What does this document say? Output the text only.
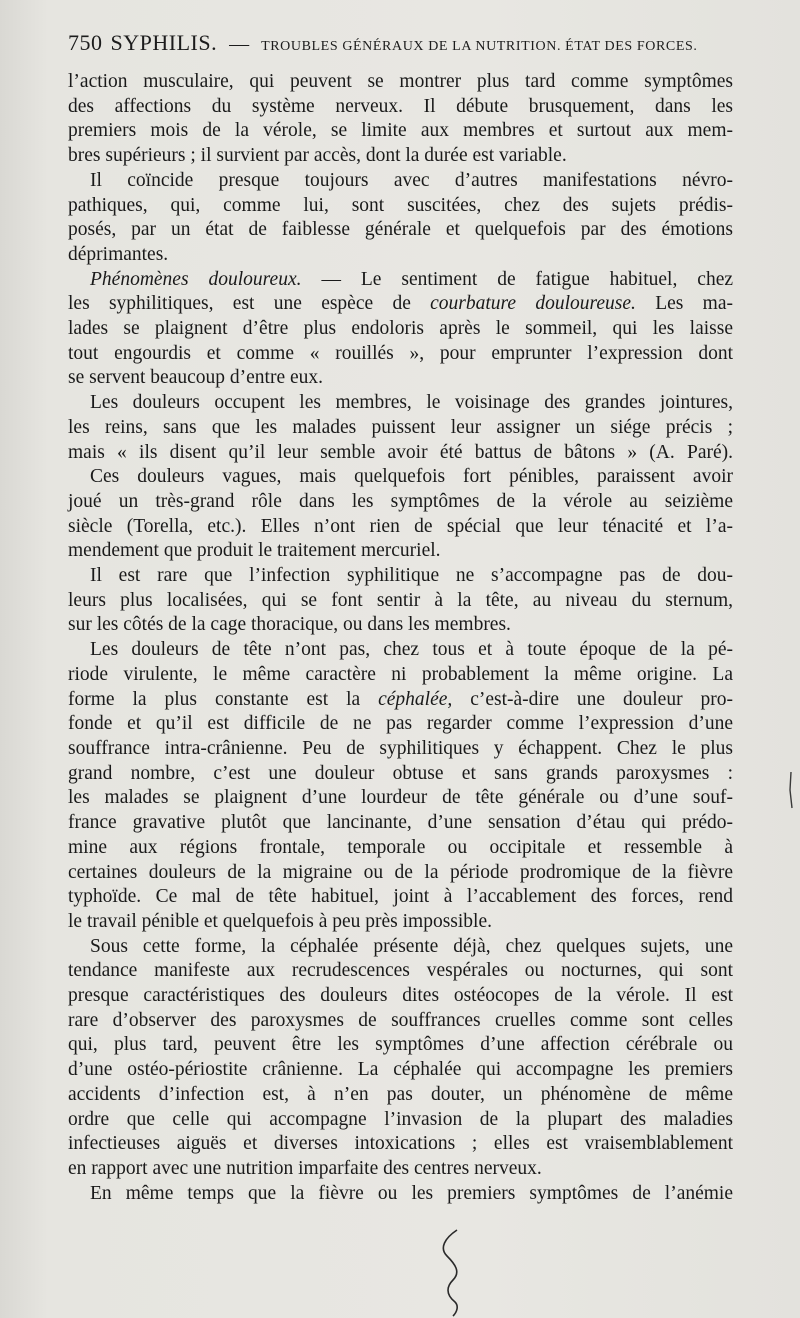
750 SYPHILIS. — TROUBLES GÉNÉRAUX DE LA NUTRITION. ÉTAT DES FORCES.

l’action musculaire, qui peuvent se montrer plus tard comme symptômes

des affections du système nerveux. Il débute brusquement, dans les

premiers mois de la vérole, se limite aux membres et surtout aux mem-

bres supérieurs ; il survient par accès, dont la durée est variable.

Il coïncide presque toujours avec d’autres manifestations névro-

pathiques, qui, comme lui, sont suscitées, chez des sujets prédis-

posés, par un état de faiblesse générale et quelquefois par des émotions

déprimantes.

Phénomènes douloureux. — Le sentiment de fatigue habituel, chez

les syphilitiques, est une espèce de courbature douloureuse. Les ma-

lades se plaignent d’être plus endoloris après le sommeil, qui les laisse

tout engourdis et comme « rouillés », pour emprunter l’expression dont

se servent beaucoup d’entre eux.

Les douleurs occupent les membres, le voisinage des grandes jointures,

les reins, sans que les malades puissent leur assigner un siége précis ;

mais « ils disent qu’il leur semble avoir été battus de bâtons » (A. Paré).

Ces douleurs vagues, mais quelquefois fort pénibles, paraissent avoir

joué un très-grand rôle dans les symptômes de la vérole au seizième

siècle (Torella, etc.). Elles n’ont rien de spécial que leur ténacité et l’a-

mendement que produit le traitement mercuriel.

Il est rare que l’infection syphilitique ne s’accompagne pas de dou-

leurs plus localisées, qui se font sentir à la tête, au niveau du sternum,

sur les côtés de la cage thoracique, ou dans les membres.

Les douleurs de tête n’ont pas, chez tous et à toute époque de la pé-

riode virulente, le même caractère ni probablement la même origine. La

forme la plus constante est la céphalée, c’est-à-dire une douleur pro-

fonde et qu’il est difficile de ne pas regarder comme l’expression d’une

souffrance intra-crânienne. Peu de syphilitiques y échappent. Chez le plus

grand nombre, c’est une douleur obtuse et sans grands paroxysmes :

les malades se plaignent d’une lourdeur de tête générale ou d’une souf-

france gravative plutôt que lancinante, d’une sensation d’étau qui prédo-

mine aux régions frontale, temporale ou occipitale et ressemble à

certaines douleurs de la migraine ou de la période prodromique de la fièvre

typhoïde. Ce mal de tête habituel, joint à l’accablement des forces, rend

le travail pénible et quelquefois à peu près impossible.

Sous cette forme, la céphalée présente déjà, chez quelques sujets, une

tendance manifeste aux recrudescences vespérales ou nocturnes, qui sont

presque caractéristiques des douleurs dites ostéocopes de la vérole. Il est

rare d’observer des paroxysmes de souffrances cruelles comme sont celles

qui, plus tard, peuvent être les symptômes d’une affection cérébrale ou

d’une ostéo-périostite crânienne. La céphalée qui accompagne les premiers

accidents d’infection est, à n’en pas douter, un phénomène de même

ordre que celle qui accompagne l’invasion de la plupart des maladies

infectieuses aiguës et diverses intoxications ; elles est vraisemblablement

en rapport avec une nutrition imparfaite des centres nerveux.

En même temps que la fièvre ou les premiers symptômes de l’anémie
